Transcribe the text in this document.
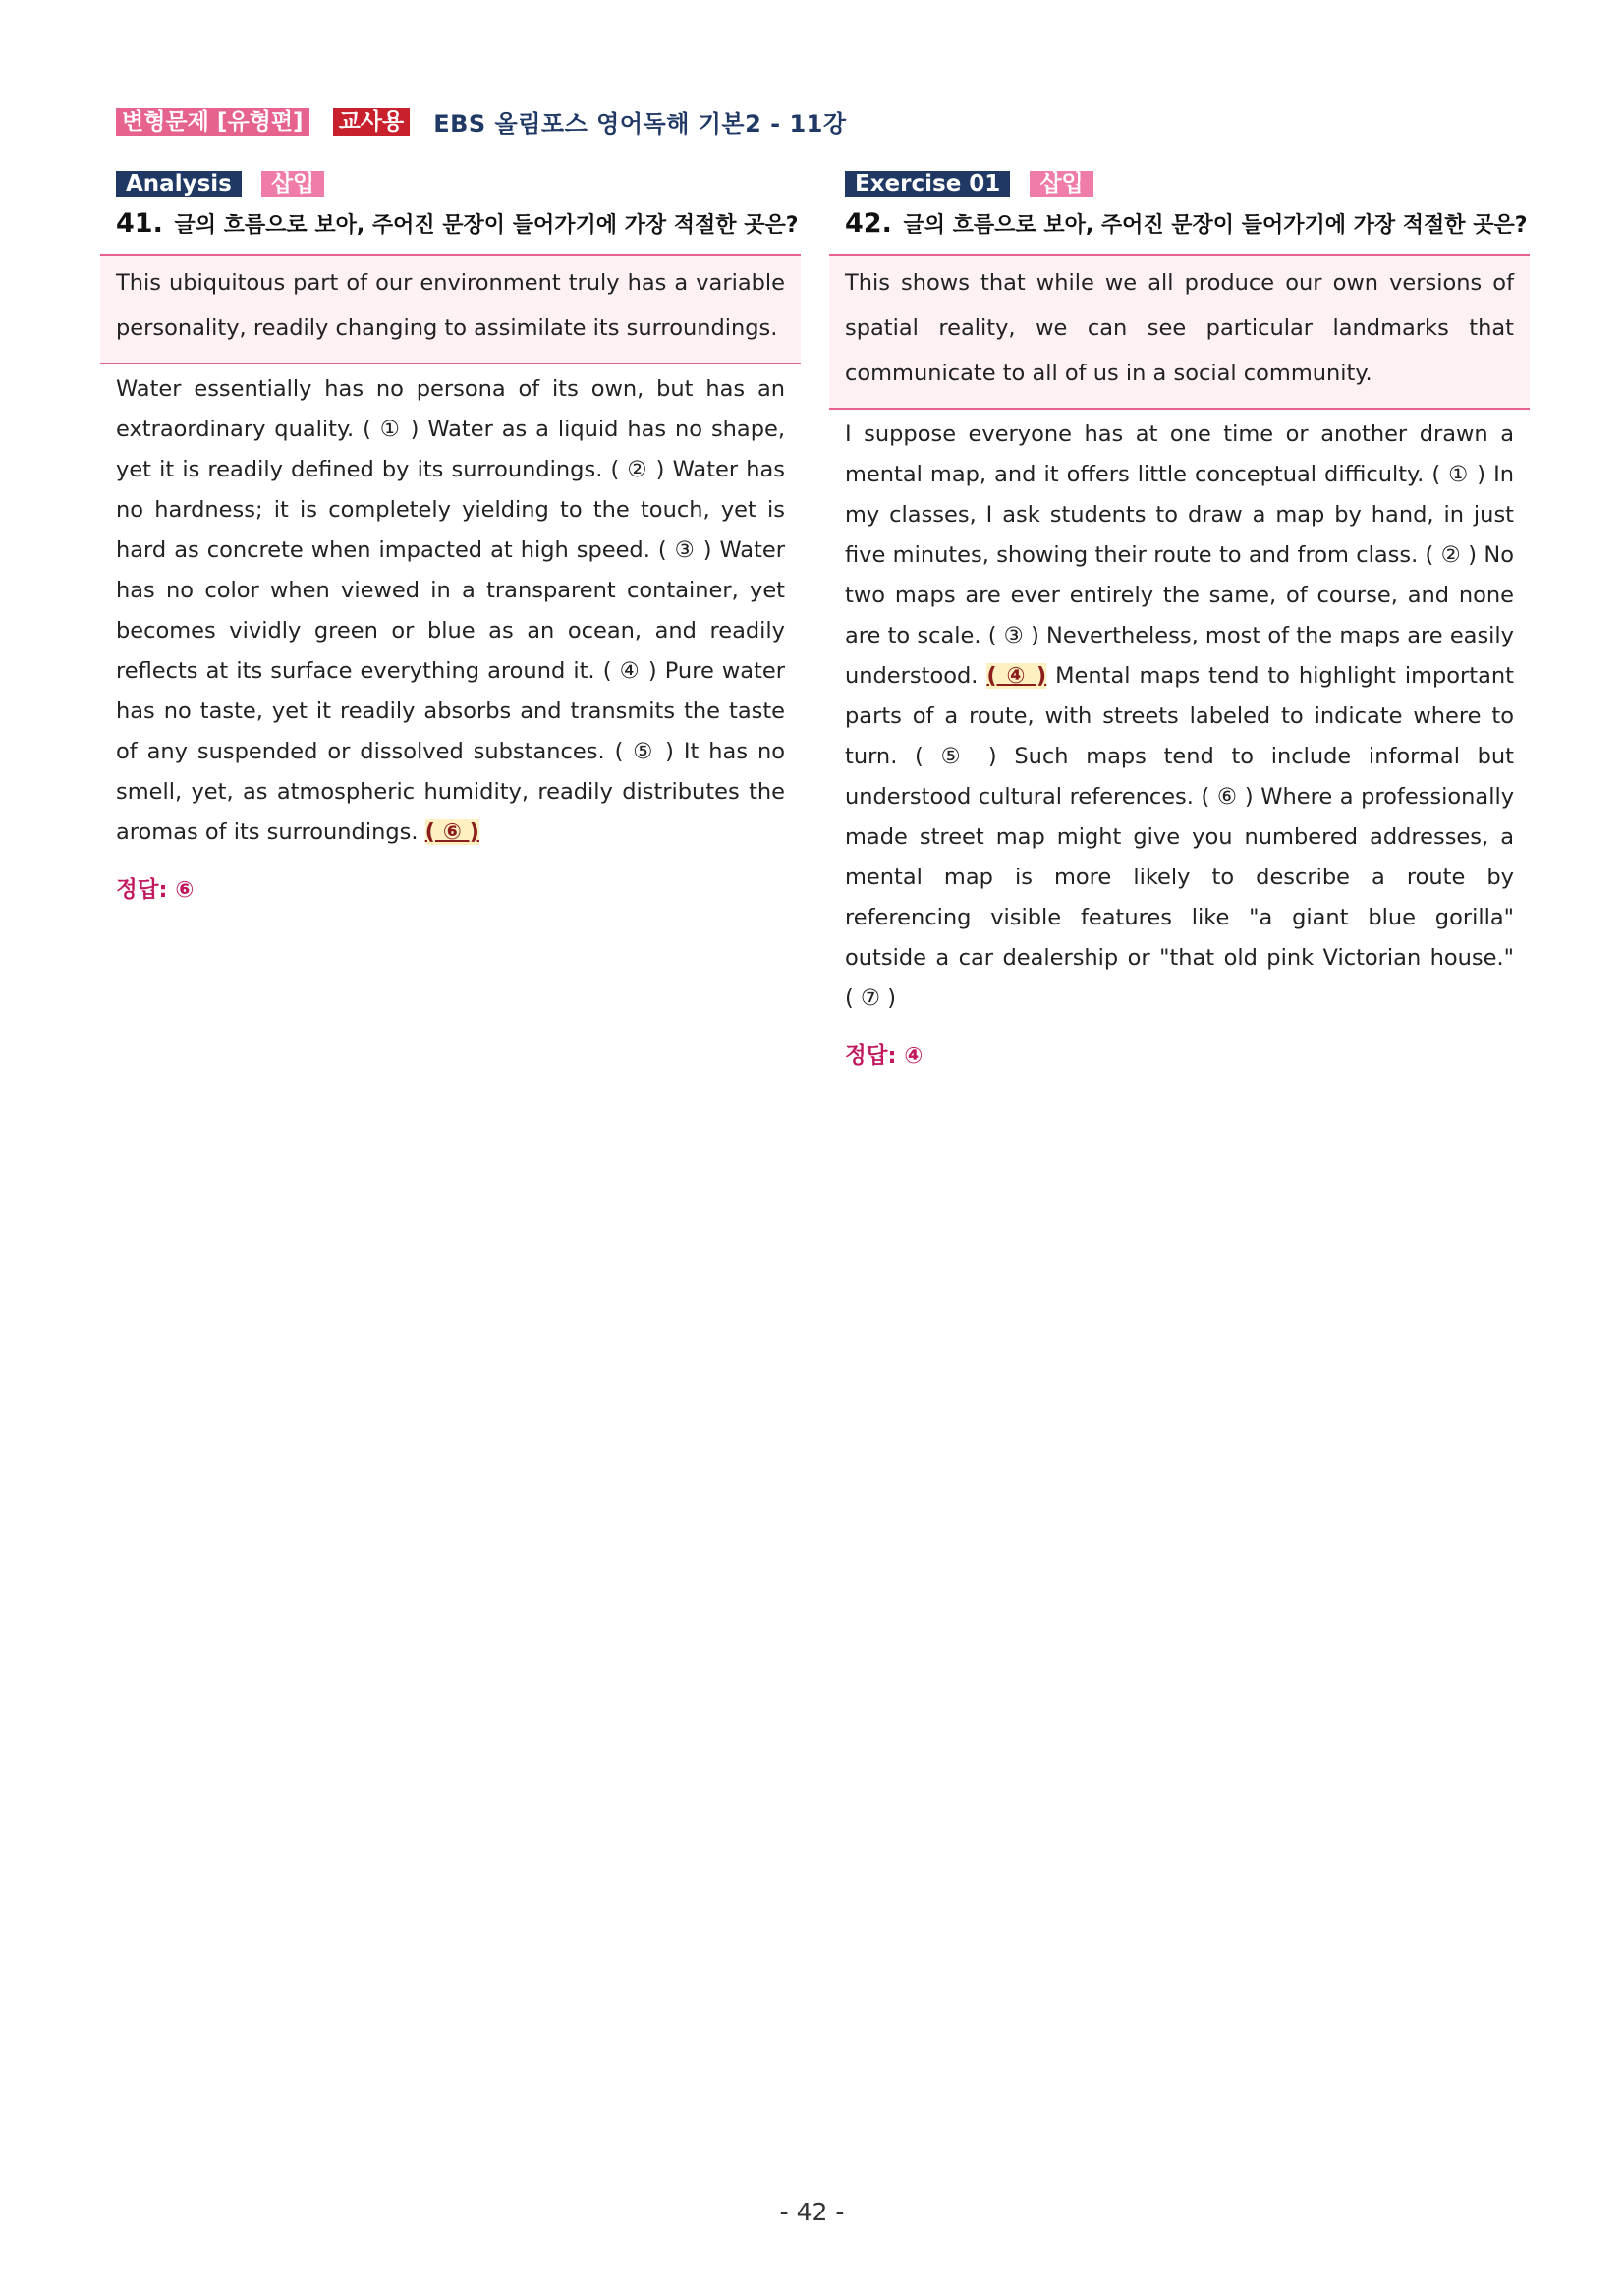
변형문제 [유형편] 교사용 EBS 올림포스 영어독해 기본2 - 11강
Analysis	삽입
41. 글의 흐름으로 보아, 주어진 문장이 들어가기에 가장 적절한 곳은?
This ubiquitous part of our environment truly has a variable personality, readily changing to assimilate its surroundings.
Water essentially has no persona of its own, but has an extraordinary quality. ( ① ) Water as a liquid has no shape, yet it is readily defined by its surroundings. ( ② ) Water has no hardness; it is completely yielding to the touch, yet is hard as concrete when impacted at high speed. ( ③ ) Water has no color when viewed in a transparent container, yet becomes vividly green or blue as an ocean, and readily reflects at its surface everything around it. ( ④ ) Pure water has no taste, yet it readily absorbs and transmits the taste of any suspended or dissolved substances. ( ⑤ ) It has no smell, yet, as atmospheric humidity, readily distributes the aromas of its surroundings. ( ⑥ )
정답: ⑥
Exercise 01	삽입
42. 글의 흐름으로 보아, 주어진 문장이 들어가기에 가장 적절한 곳은?
This shows that while we all produce our own versions of spatial reality, we can see particular landmarks that communicate to all of us in a social community.
I suppose everyone has at one time or another drawn a mental map, and it offers little conceptual difficulty. ( ① ) In my classes, I ask students to draw a map by hand, in just five minutes, showing their route to and from class. ( ② ) No two maps are ever entirely the same, of course, and none are to scale. ( ③ ) Nevertheless, most of the maps are easily understood. ( ④ ) Mental maps tend to highlight important parts of a route, with streets labeled to indicate where to turn. ( ⑤ ) Such maps tend to include informal but understood cultural references. ( ⑥ ) Where a professionally made street map might give you numbered addresses, a mental map is more likely to describe a route by referencing visible features like "a giant blue gorilla" outside a car dealership or "that old pink Victorian house." ( ⑦ )
정답: ④
- 42 -
